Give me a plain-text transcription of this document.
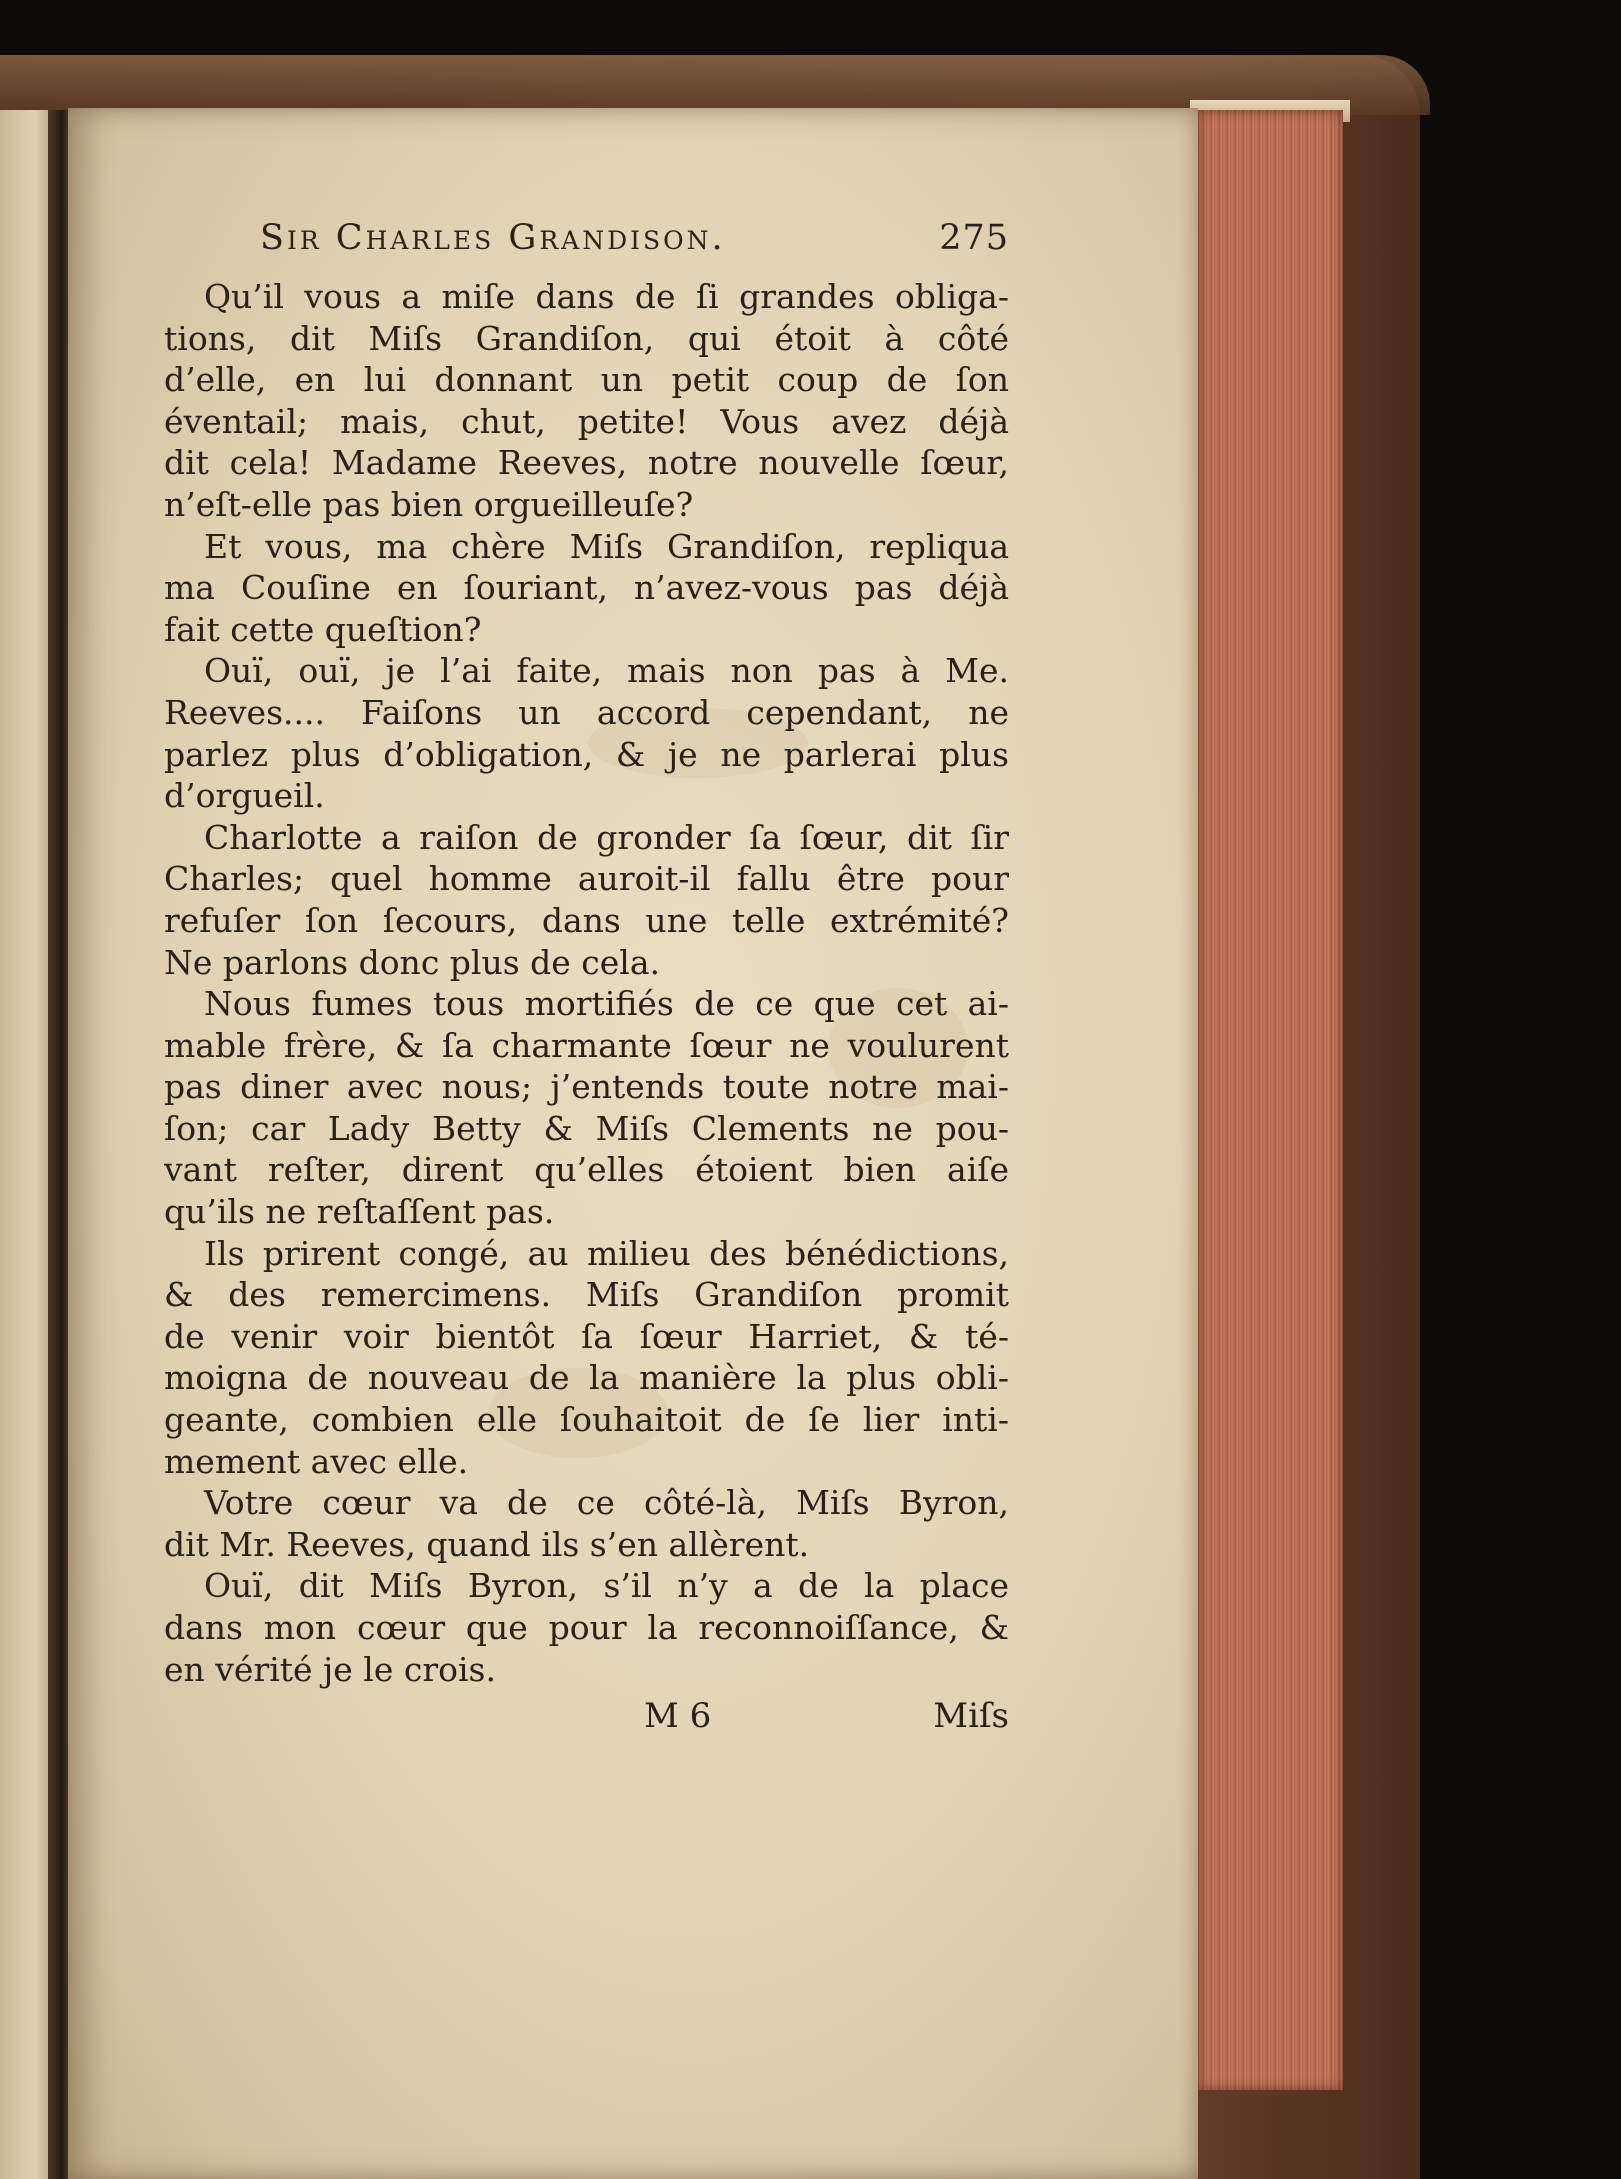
Sir Charles Grandison.	275

Qu’il vous a miſe dans de ſi grandes obliga-
tions, dit Miſs Grandiſon, qui étoit à côté
d’elle, en lui donnant un petit coup de ſon
éventail; mais, chut, petite! Vous avez déjà
dit cela! Madame Reeves, notre nouvelle ſœur,
n’eſt-elle pas bien orgueilleuſe?
Et vous, ma chère Miſs Grandiſon, repliqua
ma Couſine en ſouriant, n’avez-vous pas déjà
fait cette queſtion?
Ouï, ouï, je l’ai faite, mais non pas à Me.
Reeves.... Faiſons un accord cependant, ne
parlez plus d’obligation, & je ne parlerai plus
d’orgueil.
Charlotte a raiſon de gronder ſa ſœur, dit ſir
Charles; quel homme auroit-il fallu être pour
refuſer ſon ſecours, dans une telle extrémité?
Ne parlons donc plus de cela.
Nous fumes tous mortifiés de ce que cet ai-
mable frère, & ſa charmante ſœur ne voulurent
pas diner avec nous; j’entends toute notre mai-
ſon; car Lady Betty & Miſs Clements ne pou-
vant reſter, dirent qu’elles étoient bien aiſe
qu’ils ne reſtaſſent pas.
Ils prirent congé, au milieu des bénédictions,
& des remercimens. Miſs Grandiſon promit
de venir voir bientôt ſa ſœur Harriet, & té-
moigna de nouveau de la manière la plus obli-
geante, combien elle ſouhaitoit de ſe lier inti-
mement avec elle.
Votre cœur va de ce côté-là, Miſs Byron,
dit Mr. Reeves, quand ils s’en allèrent.
Ouï, dit Miſs Byron, s’il n’y a de la place
dans mon cœur que pour la reconnoiſſance, &
en vérité je le crois.

M 6	Miſs
